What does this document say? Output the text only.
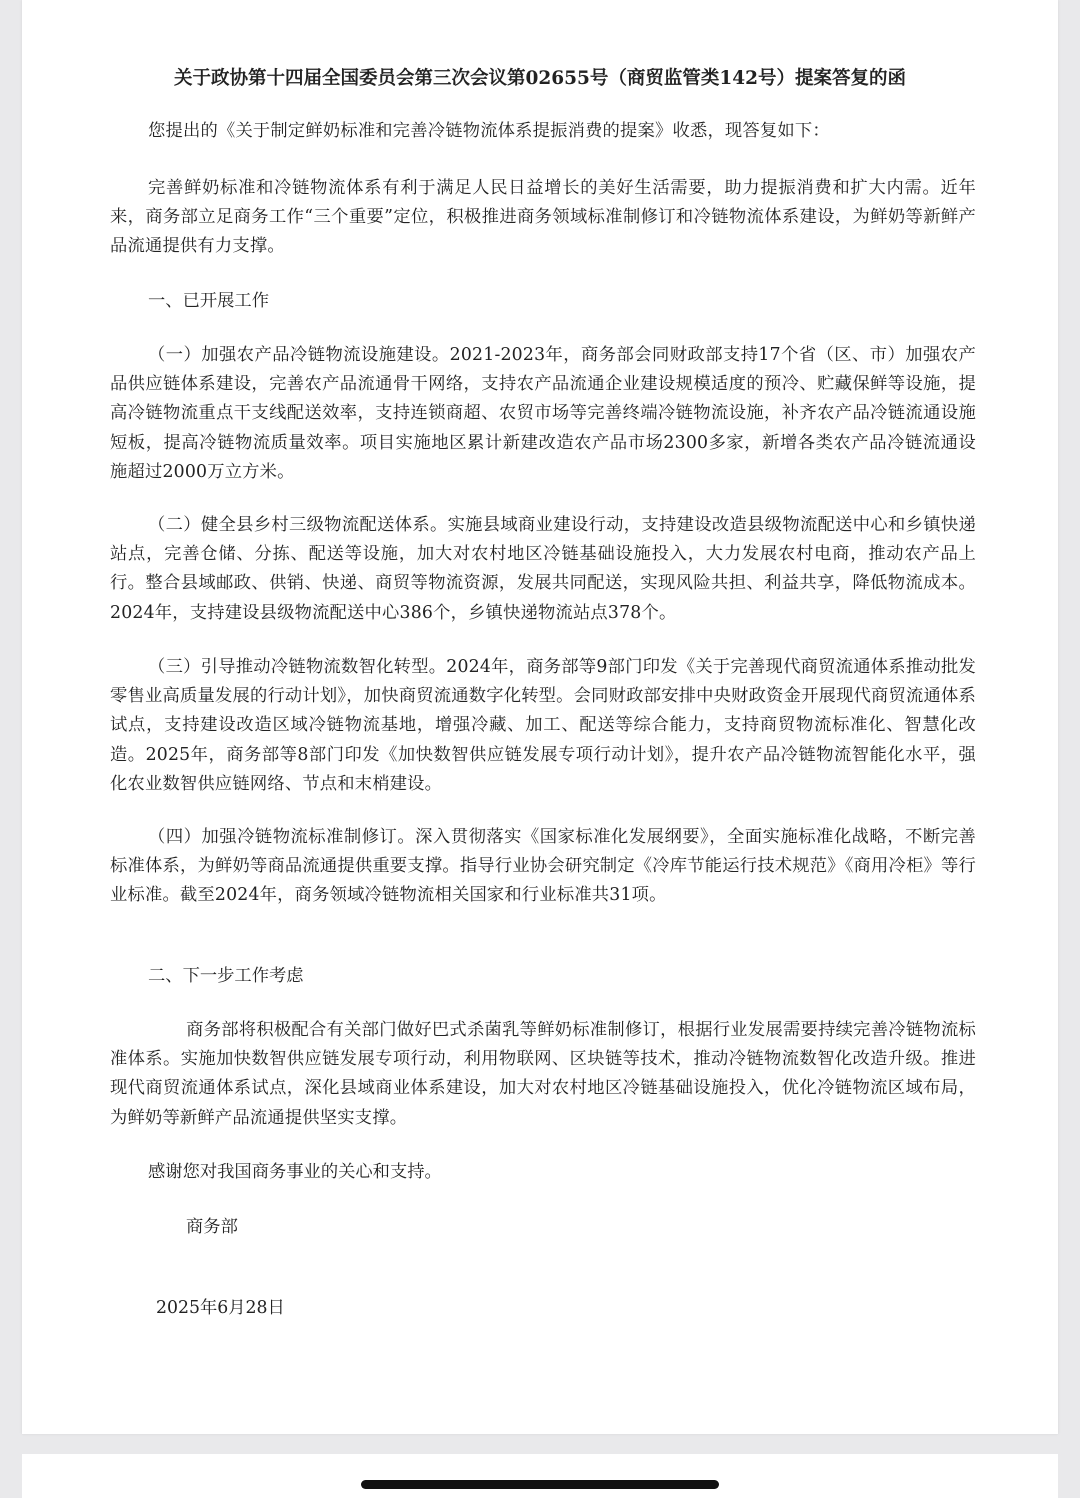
关于政协第十四届全国委员会第三次会议第02655号（商贸监管类142号）提案答复的函

您提出的《关于制定鲜奶标准和完善冷链物流体系提振消费的提案》收悉，现答复如下：

完善鲜奶标准和冷链物流体系有利于满足人民日益增长的美好生活需要，助力提振消费和扩大内需。近年来，商务部立足商务工作“三个重要”定位，积极推进商务领域标准制修订和冷链物流体系建设，为鲜奶等新鲜产品流通提供有力支撑。

一、已开展工作

（一）加强农产品冷链物流设施建设。2021-2023年，商务部会同财政部支持17个省（区、市）加强农产品供应链体系建设，完善农产品流通骨干网络，支持农产品流通企业建设规模适度的预冷、贮藏保鲜等设施，提高冷链物流重点干支线配送效率，支持连锁商超、农贸市场等完善终端冷链物流设施，补齐农产品冷链流通设施短板，提高冷链物流质量效率。项目实施地区累计新建改造农产品市场2300多家，新增各类农产品冷链流通设施超过2000万立方米。

（二）健全县乡村三级物流配送体系。实施县域商业建设行动，支持建设改造县级物流配送中心和乡镇快递站点，完善仓储、分拣、配送等设施，加大对农村地区冷链基础设施投入，大力发展农村电商，推动农产品上行。整合县域邮政、供销、快递、商贸等物流资源，发展共同配送，实现风险共担、利益共享，降低物流成本。2024年，支持建设县级物流配送中心386个，乡镇快递物流站点378个。

（三）引导推动冷链物流数智化转型。2024年，商务部等9部门印发《关于完善现代商贸流通体系推动批发零售业高质量发展的行动计划》，加快商贸流通数字化转型。会同财政部安排中央财政资金开展现代商贸流通体系试点，支持建设改造区域冷链物流基地，增强冷藏、加工、配送等综合能力，支持商贸物流标准化、智慧化改造。2025年，商务部等8部门印发《加快数智供应链发展专项行动计划》，提升农产品冷链物流智能化水平，强化农业数智供应链网络、节点和末梢建设。

（四）加强冷链物流标准制修订。深入贯彻落实《国家标准化发展纲要》，全面实施标准化战略，不断完善标准体系，为鲜奶等商品流通提供重要支撑。指导行业协会研究制定《冷库节能运行技术规范》《商用冷柜》等行业标准。截至2024年，商务领域冷链物流相关国家和行业标准共31项。

二、下一步工作考虑

商务部将积极配合有关部门做好巴式杀菌乳等鲜奶标准制修订，根据行业发展需要持续完善冷链物流标准体系。实施加快数智供应链发展专项行动，利用物联网、区块链等技术，推动冷链物流数智化改造升级。推进现代商贸流通体系试点，深化县域商业体系建设，加大对农村地区冷链基础设施投入，优化冷链物流区域布局，为鲜奶等新鲜产品流通提供坚实支撑。

感谢您对我国商务事业的关心和支持。
商务部
2025年6月28日
